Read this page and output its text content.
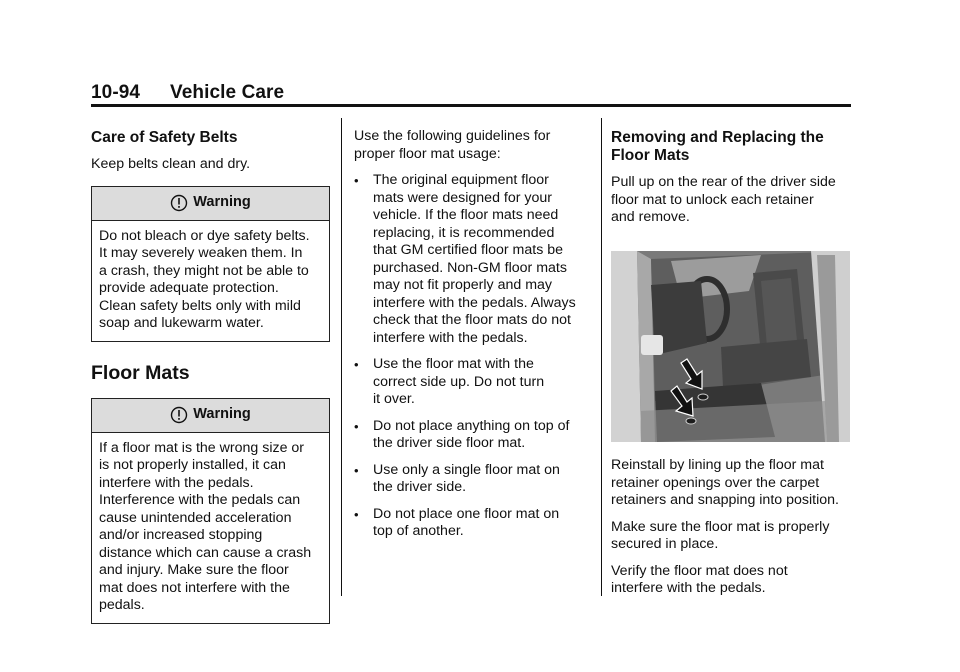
10-94 Vehicle Care
Care of Safety Belts

Keep belts clean and dry.

Warning
Do not bleach or dye safety belts.
It may severely weaken them. In
a crash, they might not be able to
provide adequate protection.
Clean safety belts only with mild
soap and lukewarm water.
Floor Mats
Warning
If a floor mat is the wrong size or
is not properly installed, it can
interfere with the pedals.
Interference with the pedals can
cause unintended acceleration
and/or increased stopping
distance which can cause a crash
and injury. Make sure the floor
mat does not interfere with the
pedals.

Use the following guidelines for
proper floor mat usage:

• The original equipment floor
mats were designed for your
vehicle. If the floor mats need
replacing, it is recommended
that GM certified floor mats be
purchased. Non-GM floor mats
may not fit properly and may
interfere with the pedals. Always
check that the floor mats do not
interfere with the pedals.
• Use the floor mat with the
correct side up. Do not turn
it over.
• Do not place anything on top of
the driver side floor mat.
• Use only a single floor mat on
the driver side.
• Do not place one floor mat on
top of another.
Removing and Replacing the
Floor Mats

Pull up on the rear of the driver side
floor mat to unlock each retainer
and remove.

Reinstall by lining up the floor mat
retainer openings over the carpet
retainers and snapping into position.

Make sure the floor mat is properly
secured in place.

Verify the floor mat does not
interfere with the pedals.
